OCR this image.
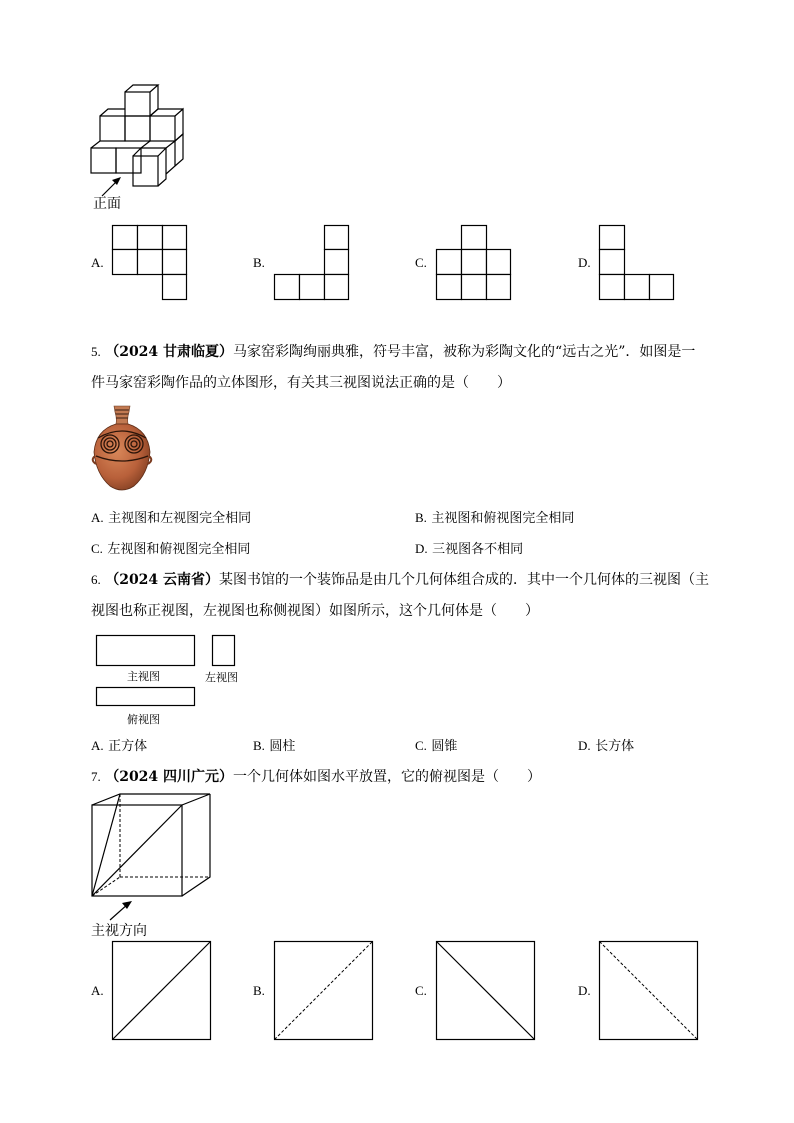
正面
A.	B.	C.	D.
5. （2024 甘肃临夏）马家窑彩陶绚丽典雅，符号丰富，被称为彩陶文化的“远古之光”．如图是一
件马家窑彩陶作品的立体图形，有关其三视图说法正确的是（　　）
A. 主视图和左视图完全相同	B. 主视图和俯视图完全相同
C. 左视图和俯视图完全相同	D. 三视图各不相同
6. （2024 云南省）某图书馆的一个装饰品是由几个几何体组合成的．其中一个几何体的三视图（主
视图也称正视图，左视图也称侧视图）如图所示，这个几何体是（　　）
主视图	左视图
俯视图
A. 正方体	B. 圆柱	C. 圆锥	D. 长方体
7. （2024 四川广元）一个几何体如图水平放置，它的俯视图是（　　）
主视方向
A.	B.	C.	D.
